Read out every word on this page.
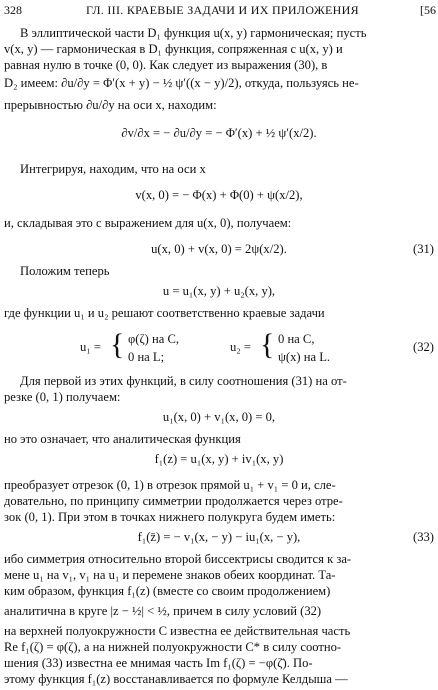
328	ГЛ. III. КРАЕВЫЕ ЗАДАЧИ И ИХ ПРИЛОЖЕНИЯ	[56
В эллиптической части D₁ функция u(x, y) гармоническая; пусть
v(x, y) — гармоническая в D₁ функция, сопряженная с u(x, y) и
равная нулю в точке (0, 0). Как следует из выражения (30), в
D₂ имеем: ∂u/∂y = Φ′(x + y) − ½ ψ′((x − y)/2), откуда, пользуясь не-
прерывностью ∂u/∂y на оси x, находим:
∂v/∂x = − ∂u/∂y = − Φ′(x) + ½ ψ′(x/2).
Интегрируя, находим, что на оси x
v(x, 0) = − Φ(x) + Φ(0) + ψ(x/2),
и, складывая это с выражением для u(x, 0), получаем:
u(x, 0) + v(x, 0) = 2ψ(x/2).	(31)
Положим теперь
u = u₁(x, y) + u₂(x, y),
где функции u₁ и u₂ решают соответственно краевые задачи
u₁ = { φ(ζ) на C,
0 на L;
u₂ = { 0 на C,
ψ(x) на L.
(32)
Для первой из этих функций, в силу соотношения (31) на от-
резке (0, 1) получаем:
u₁(x, 0) + v₁(x, 0) = 0,
но это означает, что аналитическая функция
f₁(z) = u₁(x, y) + iv₁(x, y)
преобразует отрезок (0, 1) в отрезок прямой u₁ + v₁ = 0 и, сле-
довательно, по принципу симметрии продолжается через отре-
зок (0, 1). При этом в точках нижнего полукруга будем иметь:
f₁(z̄) = − v₁(x, − y) − iu₁(x, − y),	(33)
ибо симметрия относительно второй биссектрисы сводится к за-
мене u₁ на v₁, v₁ на u₁ и перемене знаков обеих координат. Та-
ким образом, функция f₁(z) (вместе со своим продолжением)
аналитична в круге |z − ½| < ½, причем в силу условий (32)
на верхней полуокружности C известна ее действительная часть
Re f₁(ζ) = φ(ζ), а на нижней полуокружности C* в силу соотно-
шения (33) известна ее мнимая часть Im f₁(ζ) = −φ(ζ̄). По-
этому функция f₁(z) восстанавливается по формуле Келдыша —
